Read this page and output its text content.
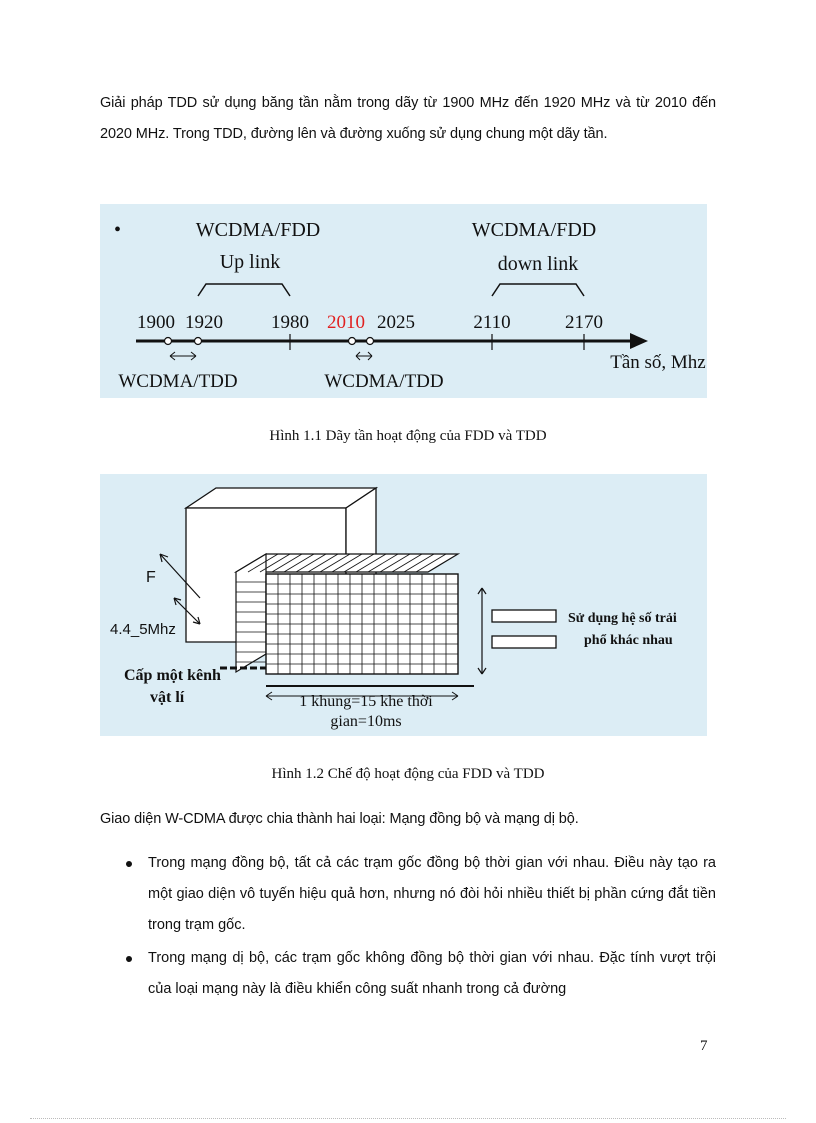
Giải pháp TDD sử dụng băng tần nằm trong dãy từ 1900 MHz đến 1920 MHz và từ 2010 đến 2020 MHz. Trong TDD, đường lên và đường xuống sử dụng chung một dãy tần.

•	WCDMA/FDD
Up link
WCDMA/FDD
down link
1900 1920	1980 2010 2025	2110	2170
WCDMA/TDD	WCDMA/TDD
Tần số, Mhz
Hình 1.1 Dãy tần hoạt động của FDD và TDD
F
4.4_5Mhz
Cấp một kênh
vật lí	1 khung=15 khe thời
gian=10ms
Sử dụng hệ số trải
phổ khác nhau
Hình 1.2 Chế độ hoạt động của FDD và TDD

Giao diện W-CDMA được chia thành hai loại: Mạng đồng bộ và mạng dị bộ.

Trong mạng đồng bộ, tất cả các trạm gốc đồng bộ thời gian với nhau. Điều này tạo ra một giao diện vô tuyến hiệu quả hơn, nhưng nó đòi hỏi nhiều thiết bị phần cứng đắt tiền trong trạm gốc.
Trong mạng dị bộ, các trạm gốc không đồng bộ thời gian với nhau. Đặc tính vượt trội của loại mạng này là điều khiển công suất nhanh trong cả đường
7
